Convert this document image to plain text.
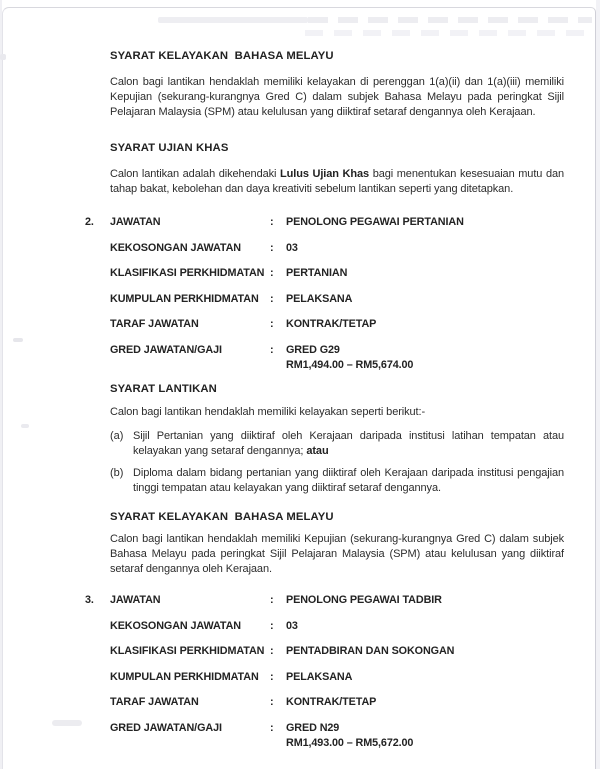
SYARAT KELAYAKAN  BAHASA MELAYU

Calon bagi lantikan hendaklah memiliki kelayakan di perenggan 1(a)(ii) dan 1(a)(iii) memiliki Kepujian (sekurang-kurangnya Gred C) dalam subjek Bahasa Melayu pada peringkat Sijil Pelajaran Malaysia (SPM) atau kelulusan yang diiktiraf setaraf dengannya oleh Kerajaan.

SYARAT UJIAN KHAS

Calon lantikan adalah dikehendaki Lulus Ujian Khas bagi menentukan kesesuaian mutu dan tahap bakat, kebolehan dan daya kreativiti sebelum lantikan seperti yang ditetapkan.

2. JAWATAN	:	PENOLONG PEGAWAI PERTANIAN
KEKOSONGAN JAWATAN	:	03
KLASIFIKASI PERKHIDMATAN :	PERTANIAN
KUMPULAN PERKHIDMATAN	:	PELAKSANA
TARAF JAWATAN	:	KONTRAK/TETAP
GRED JAWATAN/GAJI	:	GRED G29
RM1,494.00 – RM5,674.00
SYARAT LANTIKAN

Calon bagi lantikan hendaklah memiliki kelayakan seperti berikut:-

(a) Sijil Pertanian yang diiktiraf oleh Kerajaan daripada institusi latihan tempatan atau kelayakan yang setaraf dengannya; atau

(b) Diploma dalam bidang pertanian yang diiktiraf oleh Kerajaan daripada institusi pengajian tinggi tempatan atau kelayakan yang diiktiraf setaraf dengannya.

SYARAT KELAYAKAN  BAHASA MELAYU

Calon bagi lantikan hendaklah memiliki Kepujian (sekurang-kurangnya Gred C) dalam subjek Bahasa Melayu pada peringkat Sijil Pelajaran Malaysia (SPM) atau kelulusan yang diiktiraf setaraf dengannya oleh Kerajaan.

3. JAWATAN	:	PENOLONG PEGAWAI TADBIR
KEKOSONGAN JAWATAN	:	03
KLASIFIKASI PERKHIDMATAN :	PENTADBIRAN DAN SOKONGAN
KUMPULAN PERKHIDMATAN	:	PELAKSANA
TARAF JAWATAN	:	KONTRAK/TETAP
GRED JAWATAN/GAJI	:	GRED N29
RM1,493.00 – RM5,672.00
